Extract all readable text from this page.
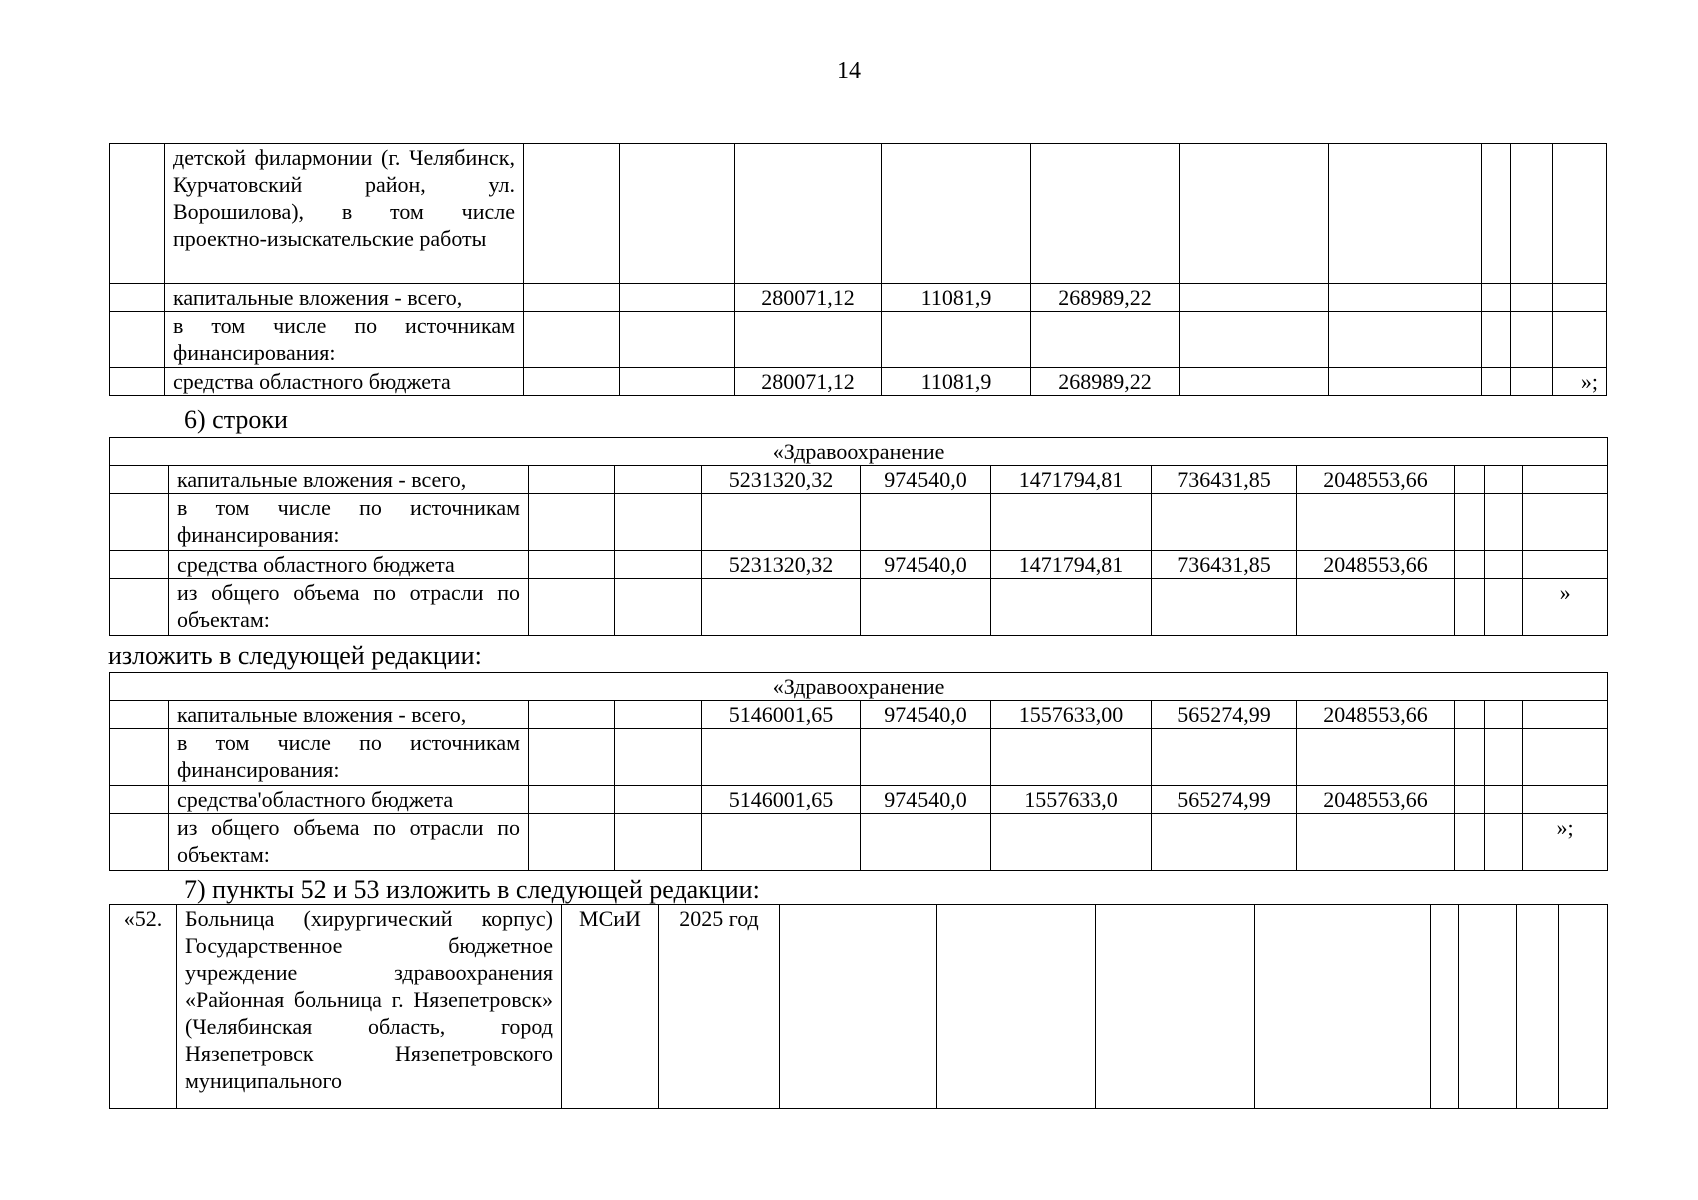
14
	детской филармонии (г. Челябинск, Курчатовский район, ул. Ворошилова), в том числе проектно-изыскательские работы										
	капитальные вложения - всего,			280071,12	11081,9	268989,22					
	в том числе по источникам финансирования:										
	средства областного бюджета			280071,12	11081,9	268989,22					»;
6) строки
«Здравоохранение											
	капитальные вложения - всего,			5231320,32	974540,0	1471794,81	736431,85	2048553,66			
	в том числе по источникам финансирования:										
	средства областного бюджета			5231320,32	974540,0	1471794,81	736431,85	2048553,66			
	из общего объема по отрасли по объектам:										»
изложить в следующей редакции:
«Здравоохранение											
	капитальные вложения - всего,			5146001,65	974540,0	1557633,00	565274,99	2048553,66			
	в том числе по источникам финансирования:										
	средства'областного бюджета			5146001,65	974540,0	1557633,0	565274,99	2048553,66			
	из общего объема по отрасли по объектам:										»;
7) пункты 52 и 53 изложить в следующей редакции:
«52.	Больница (хирургический корпус) Государственное бюджетное учреждение здравоохранения «Районная больница г. Нязепетровск» (Челябинская область, город Нязепетровск Нязепетровского муниципального	МСиИ	2025 год								
